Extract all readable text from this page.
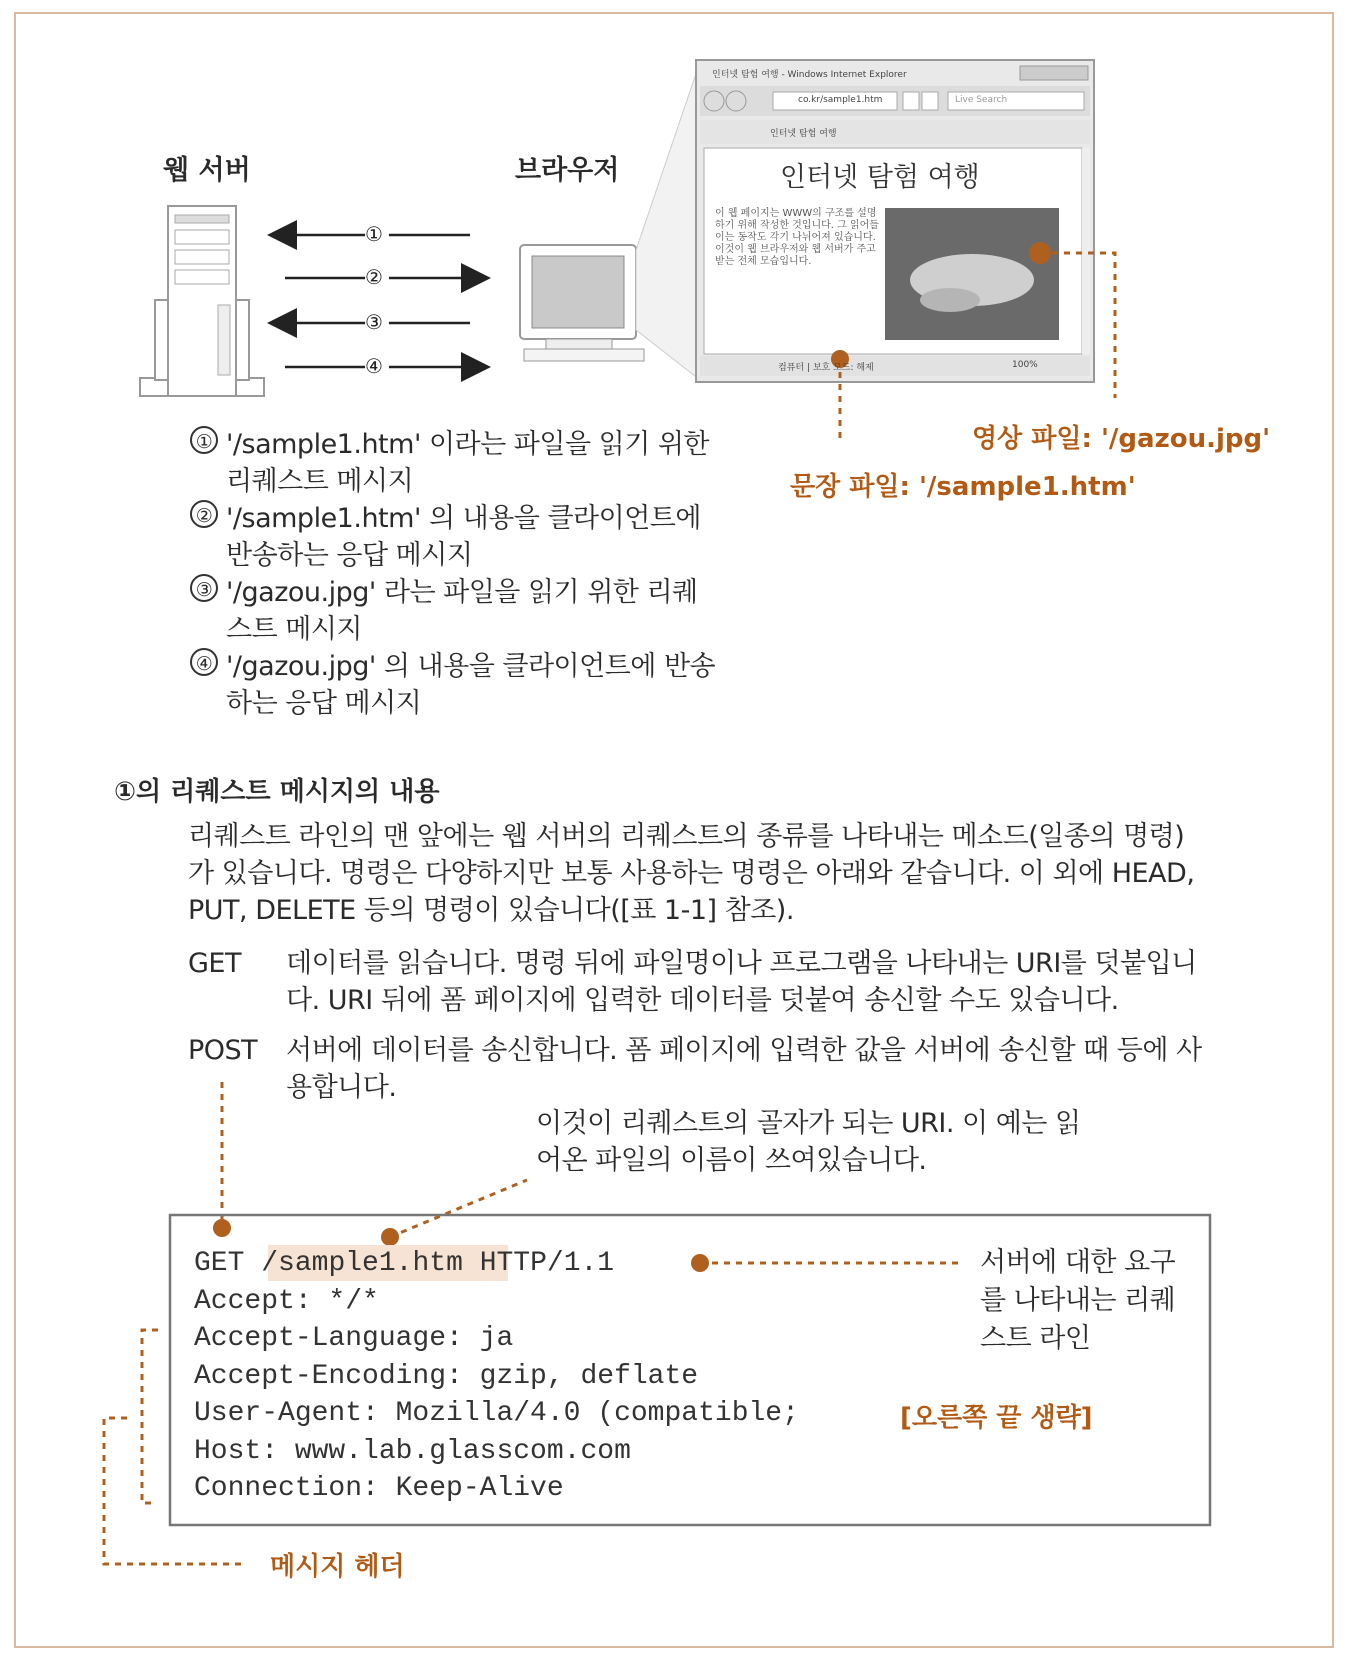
웹 서버	브라우저
①
②
③
④
인터넷 탐험 여행 - Windows Internet Explorer
co.kr/sample1.htm	Live Search
인터넷 탐험 여행
인터넷 탐험 여행
이 웹 페이지는 WWW의 구조를 설명하기 위해 작성한 것입니다. 그 읽어들이는 동작도 각기 나뉘어져 있습니다. 이것이 웹 브라우저와 웹 서버가 주고받는 전체 모습입니다.
컴퓨터 | 보호 모드: 해제	100%
영상 파일: '/gazou.jpg'
문장 파일: '/sample1.htm'
① '/sample1.htm' 이라는 파일을 읽기 위한 리퀘스트 메시지
② '/sample1.htm' 의 내용을 클라이언트에 반송하는 응답 메시지
③ '/gazou.jpg' 라는 파일을 읽기 위한 리퀘스트 메시지
④ '/gazou.jpg' 의 내용을 클라이언트에 반송하는 응답 메시지
①의 리퀘스트 메시지의 내용
리퀘스트 라인의 맨 앞에는 웹 서버의 리퀘스트의 종류를 나타내는 메소드(일종의 명령)가 있습니다. 명령은 다양하지만 보통 사용하는 명령은 아래와 같습니다. 이 외에 HEAD, PUT, DELETE 등의 명령이 있습니다([표 1-1] 참조).
GET 데이터를 읽습니다. 명령 뒤에 파일명이나 프로그램을 나타내는 URI를 덧붙입니다. URI 뒤에 폼 페이지에 입력한 데이터를 덧붙여 송신할 수도 있습니다.
POST 서버에 데이터를 송신합니다. 폼 페이지에 입력한 값을 서버에 송신할 때 등에 사용합니다.
이것이 리퀘스트의 골자가 되는 URI. 이 예는 읽어온 파일의 이름이 쓰여있습니다.
GET /sample1.htm HTTP/1.1
Accept: */*
Accept-Language: ja
Accept-Encoding: gzip, deflate
User-Agent: Mozilla/4.0 (compatible;
Host: www.lab.glasscom.com
Connection: Keep-Alive
[오른쪽 끝 생략]
서버에 대한 요구를 나타내는 리퀘스트 라인
메시지 헤더
